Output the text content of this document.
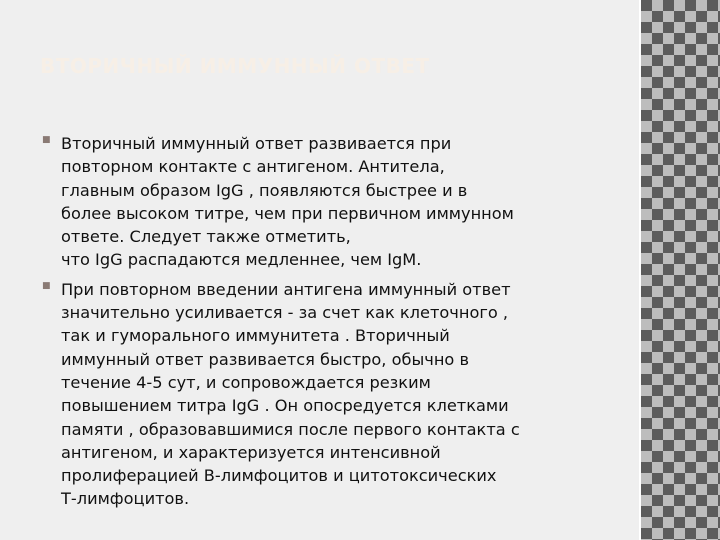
ВТОРИЧНЫЙ ИММУННЫЙ ОТВЕТ
■ Вторичный иммунный ответ развивается при
повторном контакте с антигеном. Антитела,
главным образом IgG , появляются быстрее и в
более высоком титре, чем при первичном иммунном
ответе. Следует также отметить,
что IgG распадаются медленнее, чем IgM.
■ При повторном введении антигена иммунный ответ
значительно усиливается - за счет как клеточного ,
так и гуморального иммунитета . Вторичный
иммунный ответ развивается быстро, обычно в
течение 4-5 сут, и сопровождается резким
повышением титра IgG . Он опосредуется клетками
памяти , образовавшимися после первого контакта с
антигеном, и характеризуется интенсивной
пролиферацией В-лимфоцитов и цитотоксических
Т-лимфоцитов.
